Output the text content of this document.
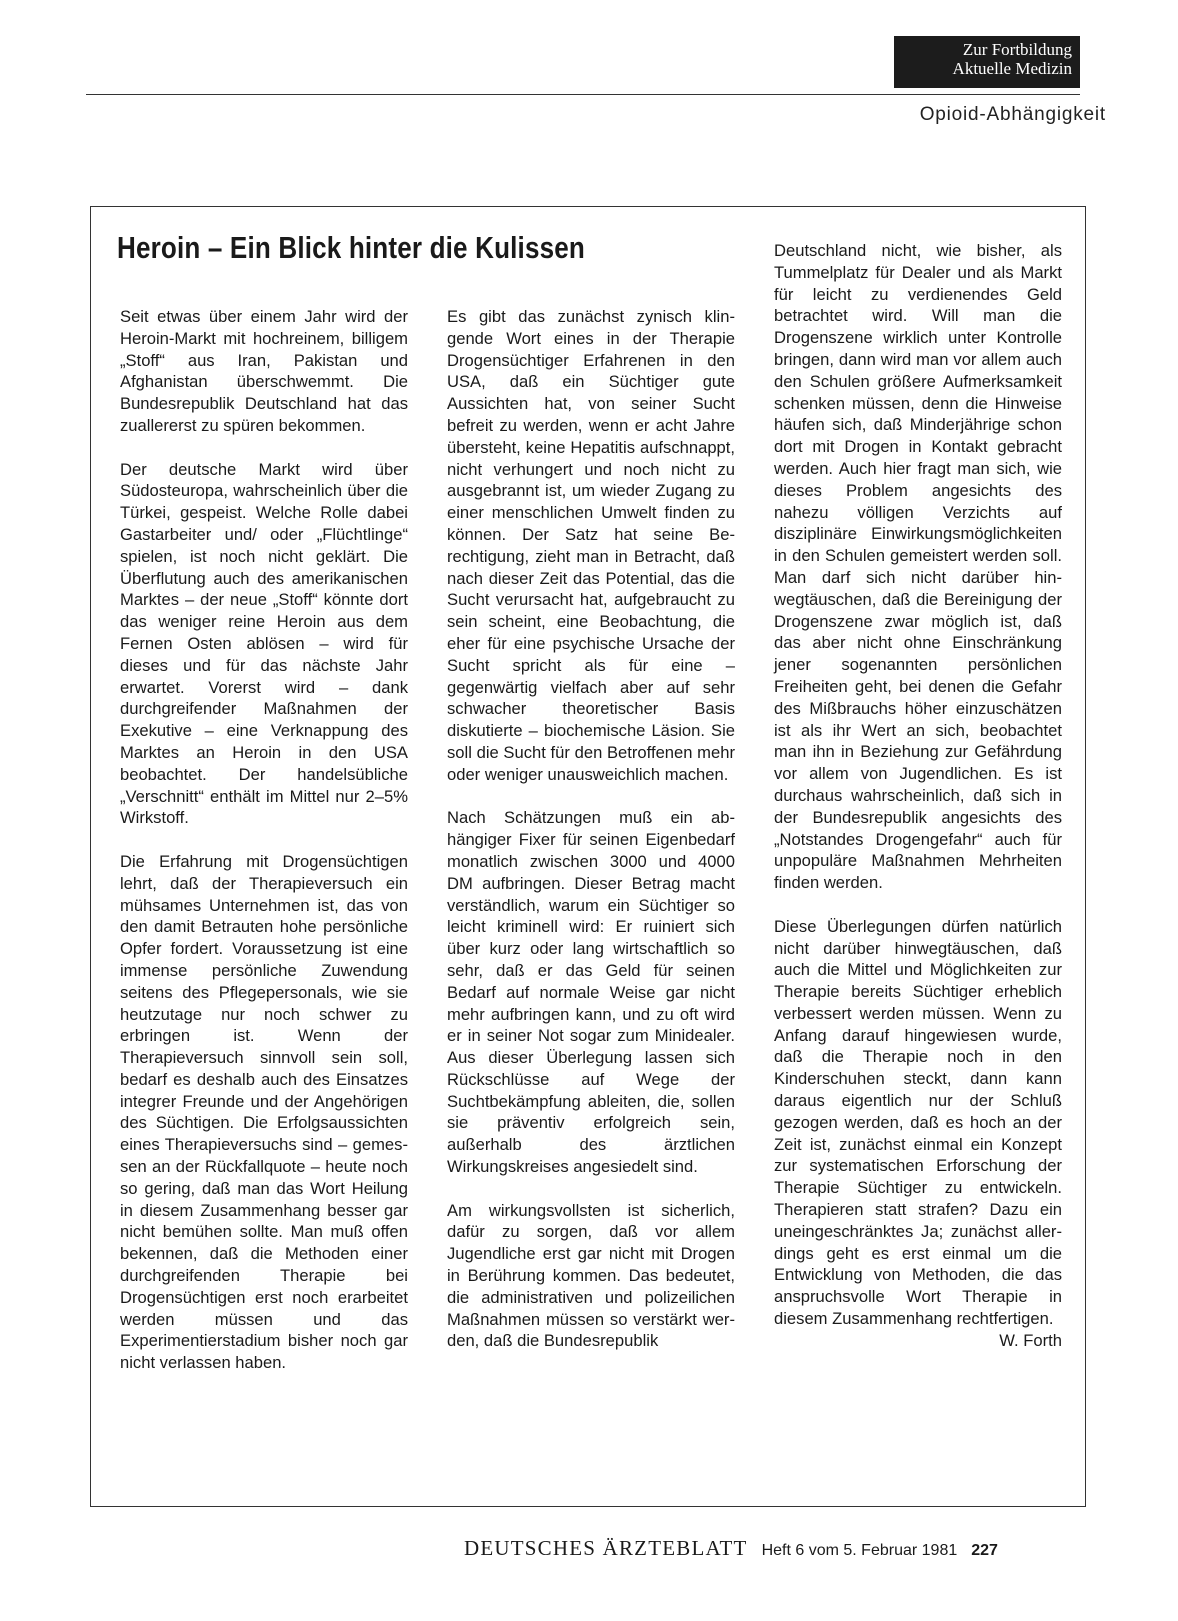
Zur Fortbildung
Aktuelle Medizin
Opioid-Abhängigkeit
Heroin – Ein Blick hinter die Kulissen

Seit etwas über einem Jahr wird der Heroin-Markt mit hochreinem, billigem „Stoff“ aus Iran, Pakistan und Afghanistan überschwemmt. Die Bundesrepublik Deutschland hat das zuallererst zu spüren bekommen.

Der deutsche Markt wird über Südosteuropa, wahrscheinlich über die Türkei, gespeist. Welche Rolle dabei Gastarbeiter und/ oder „Flüchtlinge“ spielen, ist noch nicht geklärt. Die Überflutung auch des amerikanischen Marktes – der neue „Stoff“ könnte dort das weniger reine Heroin aus dem Fernen Osten ablösen – wird für dieses und für das nächste Jahr erwartet. Vorerst wird – dank durchgreifender Maßnahmen der Exekutive – eine Verknappung des Marktes an Heroin in den USA beobachtet. Der handelsübliche „Verschnitt“ enthält im Mittel nur 2–5% Wirkstoff.

Die Erfahrung mit Drogensüchtigen lehrt, daß der Therapieversuch ein mühsames Unternehmen ist, das von den damit Betrauten hohe persönliche Opfer fordert. Voraussetzung ist eine immense persönliche Zuwendung seitens des Pflegepersonals, wie sie heutzutage nur noch schwer zu erbringen ist. Wenn der Therapieversuch sinnvoll sein soll, bedarf es deshalb auch des Einsatzes integrer Freunde und der Angehörigen des Süchtigen. Die Erfolgsaussichten eines Therapieversuchs sind – gemessen an der Rückfallquote – heute noch so gering, daß man das Wort Heilung in diesem Zusammenhang besser gar nicht bemühen sollte. Man muß offen bekennen, daß die Methoden einer durchgreifenden Therapie bei Drogensüchtigen erst noch erarbeitet werden müssen und das Experimentierstadium bisher noch gar nicht verlassen haben.

Es gibt das zunächst zynisch klingende Wort eines in der Therapie Drogensüchtiger Erfahrenen in den USA, daß ein Süchtiger gute Aussichten hat, von seiner Sucht befreit zu werden, wenn er acht Jahre übersteht, keine Hepatitis aufschnappt, nicht verhungert und noch nicht zu ausgebrannt ist, um wieder Zugang zu einer menschlichen Umwelt finden zu können. Der Satz hat seine Berechtigung, zieht man in Betracht, daß nach dieser Zeit das Potential, das die Sucht verursacht hat, aufgebraucht zu sein scheint, eine Beobachtung, die eher für eine psychische Ursache der Sucht spricht als für eine – gegenwärtig vielfach aber auf sehr schwacher theoretischer Basis diskutierte – biochemische Läsion. Sie soll die Sucht für den Betroffenen mehr oder weniger unausweichlich machen.

Nach Schätzungen muß ein abhängiger Fixer für seinen Eigenbedarf monatlich zwischen 3000 und 4000 DM aufbringen. Dieser Betrag macht verständlich, warum ein Süchtiger so leicht kriminell wird: Er ruiniert sich über kurz oder lang wirtschaftlich so sehr, daß er das Geld für seinen Bedarf auf normale Weise gar nicht mehr aufbringen kann, und zu oft wird er in seiner Not sogar zum Minidealer. Aus dieser Überlegung lassen sich Rückschlüsse auf Wege der Suchtbekämpfung ableiten, die, sollen sie präventiv erfolgreich sein, außerhalb des ärztlichen Wirkungskreises angesiedelt sind.

Am wirkungsvollsten ist sicherlich, dafür zu sorgen, daß vor allem Jugendliche erst gar nicht mit Drogen in Berührung kommen. Das bedeutet, die administrativen und polizeilichen Maßnahmen müssen so verstärkt werden, daß die Bundesrepublik

Deutschland nicht, wie bisher, als Tummelplatz für Dealer und als Markt für leicht zu verdienendes Geld betrachtet wird. Will man die Drogenszene wirklich unter Kontrolle bringen, dann wird man vor allem auch den Schulen größere Aufmerksamkeit schenken müssen, denn die Hinweise häufen sich, daß Minderjährige schon dort mit Drogen in Kontakt gebracht werden. Auch hier fragt man sich, wie dieses Problem angesichts des nahezu völligen Verzichts auf disziplinäre Einwirkungsmöglichkeiten in den Schulen gemeistert werden soll. Man darf sich nicht darüber hinwegtäuschen, daß die Bereinigung der Drogenszene zwar möglich ist, daß das aber nicht ohne Einschränkung jener sogenannten persönlichen Freiheiten geht, bei denen die Gefahr des Mißbrauchs höher einzuschätzen ist als ihr Wert an sich, beobachtet man ihn in Beziehung zur Gefährdung vor allem von Jugendlichen. Es ist durchaus wahrscheinlich, daß sich in der Bundesrepublik angesichts des „Notstandes Drogengefahr“ auch für unpopuläre Maßnahmen Mehrheiten finden werden.

Diese Überlegungen dürfen natürlich nicht darüber hinwegtäuschen, daß auch die Mittel und Möglichkeiten zur Therapie bereits Süchtiger erheblich verbessert werden müssen. Wenn zu Anfang darauf hingewiesen wurde, daß die Therapie noch in den Kinderschuhen steckt, dann kann daraus eigentlich nur der Schluß gezogen werden, daß es hoch an der Zeit ist, zunächst einmal ein Konzept zur systematischen Erforschung der Therapie Süchtiger zu entwickeln. Therapieren statt strafen? Dazu ein uneingeschränktes Ja; zunächst allerdings geht es erst einmal um die Entwicklung von Methoden, die das anspruchsvolle Wort Therapie in diesem Zusammenhang rechtfertigen.
W. Forth

DEUTSCHES ÄRZTEBLATT Heft 6 vom 5. Februar 1981 227
